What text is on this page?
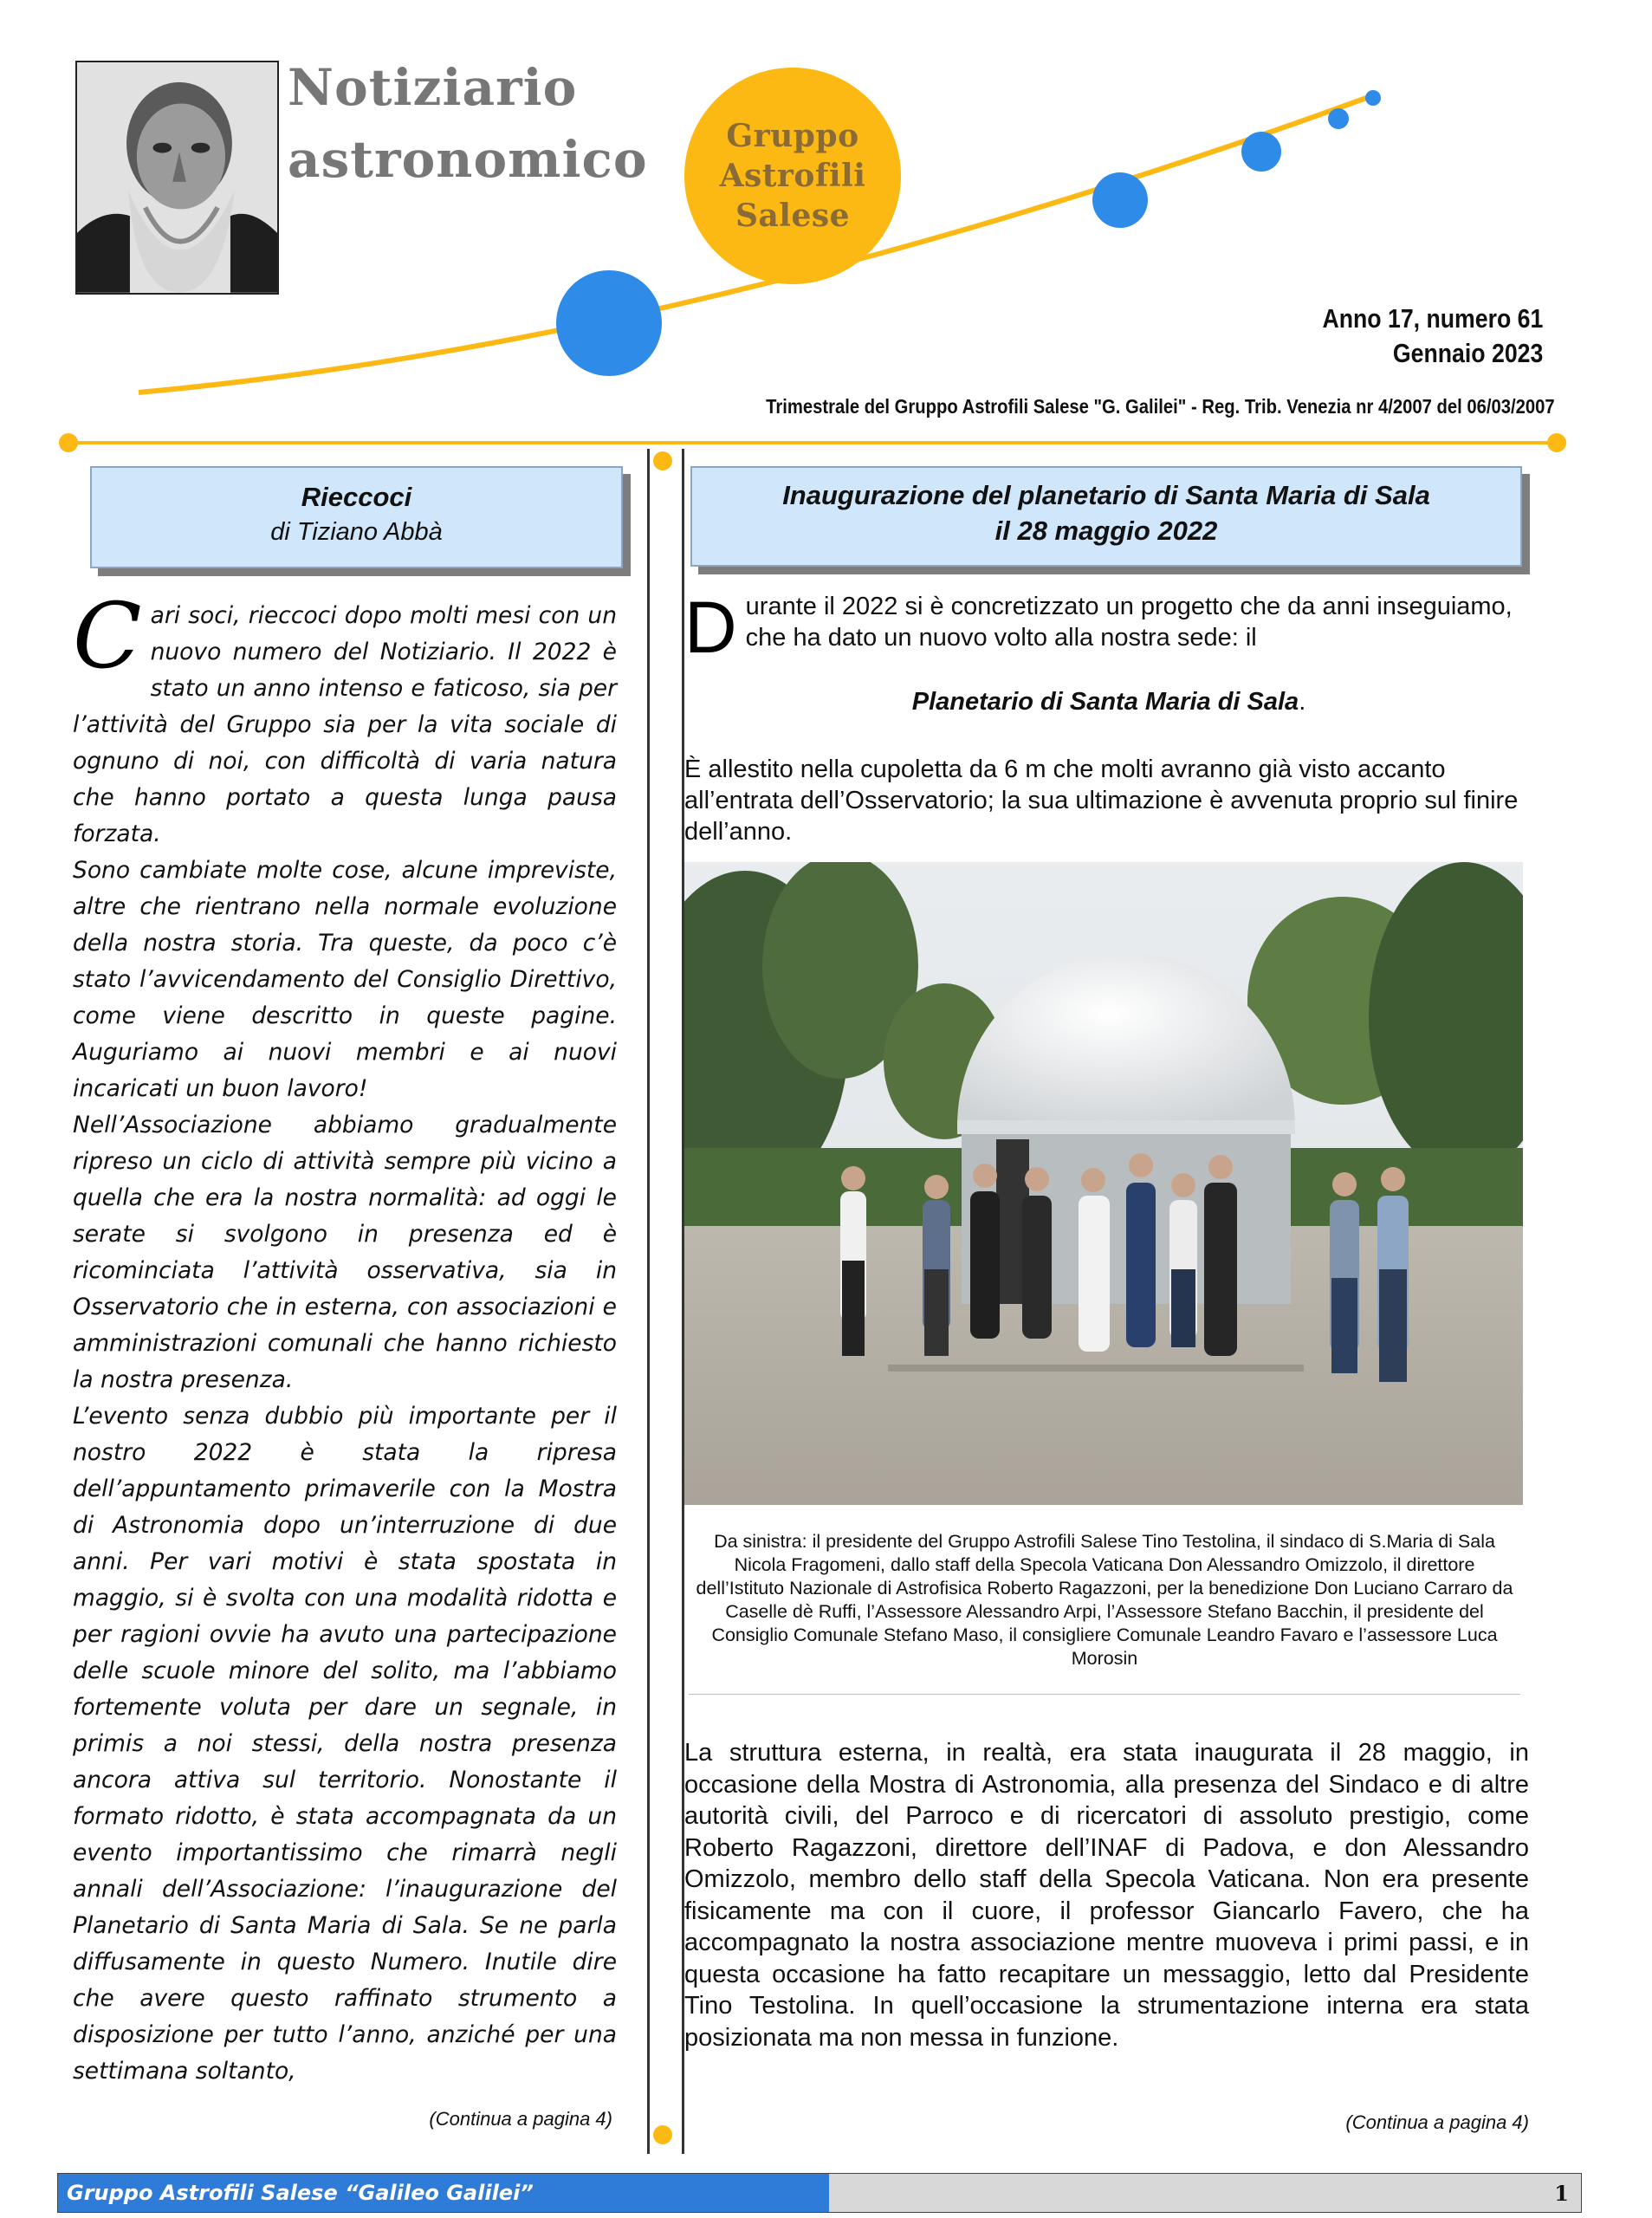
Notiziario
astronomico	Gruppo
Astrofili
Salese
Anno 17, numero 61
Gennaio 2023
Trimestrale del Gruppo Astrofili Salese "G. Galilei" - Reg. Trib. Venezia nr 4/2007 del 06/03/2007
Rieccoci
di Tiziano Abbà

Cari soci, rieccoci dopo molti mesi con un nuovo numero del Notiziario. Il 2022 è stato un anno intenso e faticoso, sia per l’attività del Gruppo sia per la vita sociale di ognuno di noi, con difficoltà di varia natura che hanno portato a questa lunga pausa forzata.

Sono cambiate molte cose, alcune impreviste, altre che rientrano nella normale evoluzione della nostra storia. Tra queste, da poco c’è stato l’avvicendamento del Consiglio Direttivo, come viene descritto in queste pagine. Auguriamo ai nuovi membri e ai nuovi incaricati un buon lavoro!

Nell’Associazione abbiamo gradualmente ripreso un ciclo di attività sempre più vicino a quella che era la nostra normalità: ad oggi le serate si svolgono in presenza ed è ricominciata l’attività osservativa, sia in Osservatorio che in esterna, con associazioni e amministrazioni comunali che hanno richiesto la nostra presenza.

L’evento senza dubbio più importante per il nostro 2022 è stata la ripresa dell’appuntamento primaverile con la Mostra di Astronomia dopo un’interruzione di due anni. Per vari motivi è stata spostata in maggio, si è svolta con una modalità ridotta e per ragioni ovvie ha avuto una partecipazione delle scuole minore del solito, ma l’abbiamo fortemente voluta per dare un segnale, in primis a noi stessi, della nostra presenza ancora attiva sul territorio. Nonostante il formato ridotto, è stata accompagnata da un evento importantissimo che rimarrà negli annali dell’Associazione: l’inaugurazione del Planetario di Santa Maria di Sala. Se ne parla diffusamente in questo Numero. Inutile dire che avere questo raffinato strumento a disposizione per tutto l’anno, anziché per una settimana soltanto,

(Continua a pagina 4)
Inaugurazione del planetario di Santa Maria di Sala
il 28 maggio 2022
Durante il 2022 si è concretizzato un progetto che da anni inseguiamo, che ha dato un nuovo volto alla nostra sede: il
Planetario di Santa Maria di Sala.
È allestito nella cupoletta da 6 m che molti avranno già visto accanto all’entrata dell’Osservatorio; la sua ultimazione è avvenuta proprio sul finire dell’anno.
Da sinistra: il presidente del Gruppo Astrofili Salese Tino Testolina, il sindaco di S.Maria di Sala Nicola Fragomeni, dallo staff della Specola Vaticana Don Alessandro Omizzolo, il direttore dell’Istituto Nazionale di Astrofisica Roberto Ragazzoni, per la benedizione Don Luciano Carraro da Caselle dè Ruffi, l’Assessore Alessandro Arpi, l’Assessore Stefano Bacchin, il presidente del Consiglio Comunale Stefano Maso, il consigliere Comunale Leandro Favaro e l’assessore Luca Morosin
La struttura esterna, in realtà, era stata inaugurata il 28 maggio, in occasione della Mostra di Astronomia, alla presenza del Sindaco e di altre autorità civili, del Parroco e di ricercatori di assoluto prestigio, come Roberto Ragazzoni, direttore dell’INAF di Padova, e don Alessandro Omizzolo, membro dello staff della Specola Vaticana. Non era presente fisicamente ma con il cuore, il professor Giancarlo Favero, che ha accompagnato la nostra associazione mentre muoveva i primi passi, e in questa occasione ha fatto recapitare un messaggio, letto dal Presidente Tino Testolina. In quell’occasione la strumentazione interna era stata posizionata ma non messa in funzione.
(Continua a pagina 4)
Gruppo Astrofili Salese “Galileo Galilei”	1
